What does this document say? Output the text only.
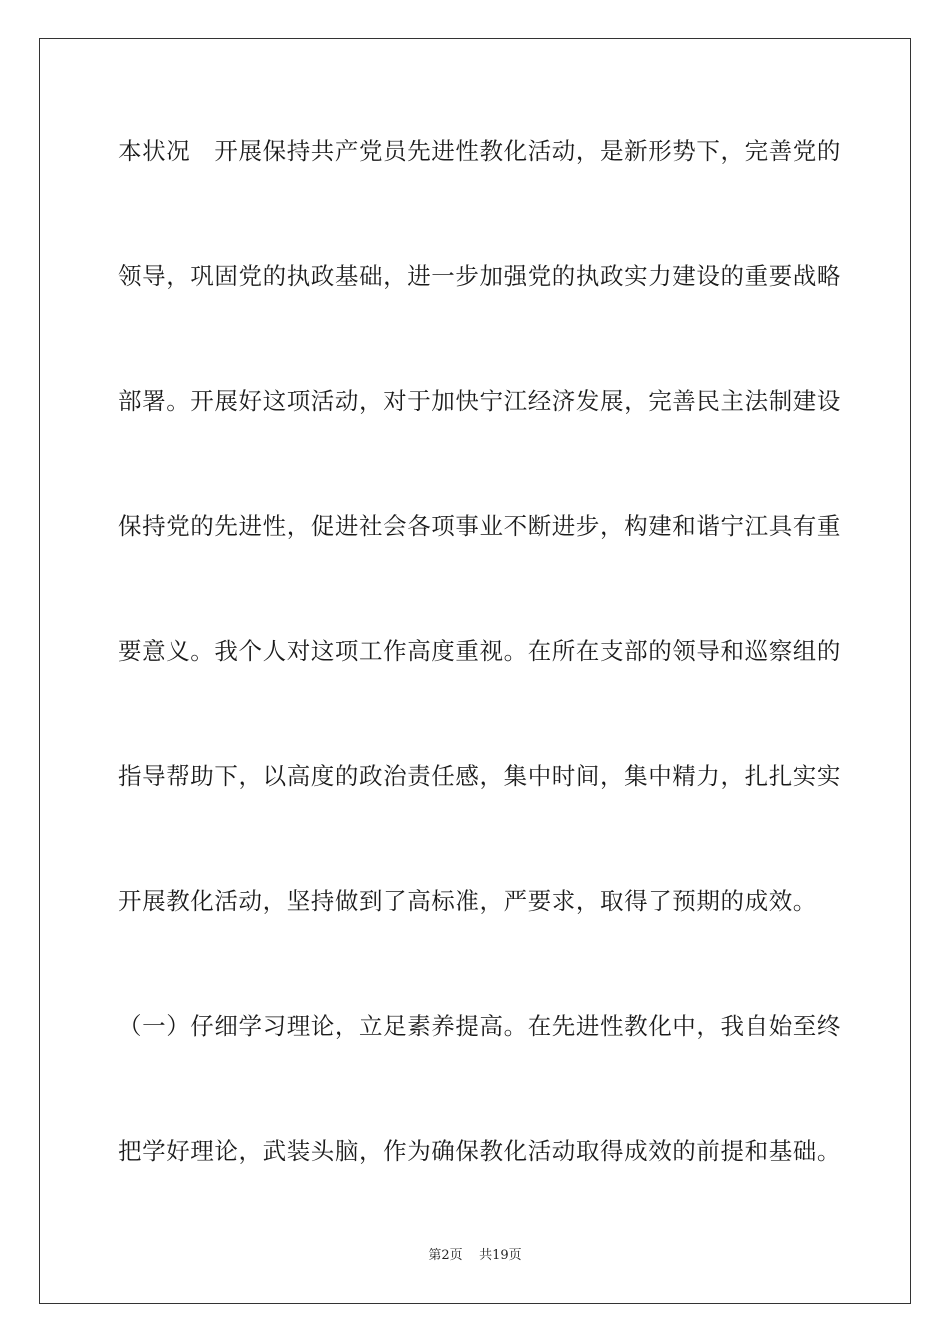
本状况　开展保持共产党员先进性教化活动，是新形势下，完善党的
领导，巩固党的执政基础，进一步加强党的执政实力建设的重要战略
部署。开展好这项活动，对于加快宁江经济发展，完善民主法制建设
保持党的先进性，促进社会各项事业不断进步，构建和谐宁江具有重
要意义。我个人对这项工作高度重视。在所在支部的领导和巡察组的
指导帮助下，以高度的政治责任感，集中时间，集中精力，扎扎实实
开展教化活动，坚持做到了高标准，严要求，取得了预期的成效。
（一）仔细学习理论，立足素养提高。在先进性教化中，我自始至终
把学好理论，武装头脑，作为确保教化活动取得成效的前提和基础。
第2页 共19页
